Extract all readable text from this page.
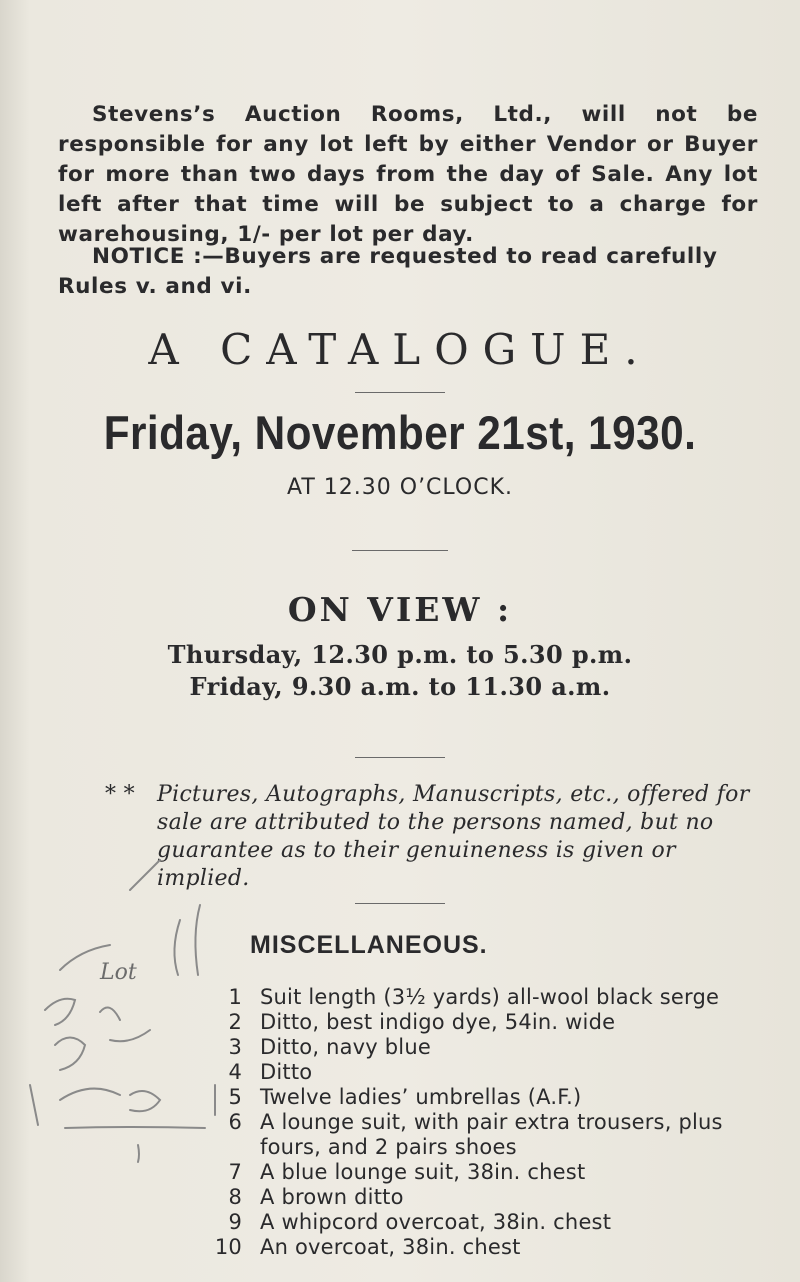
Stevens’s Auction Rooms, Ltd., will not be responsible for any lot left by either Vendor or Buyer for more than two days from the day of Sale. Any lot left after that time will be subject to a charge for warehousing, 1/- per lot per day.

NOTICE :—Buyers are requested to read carefully Rules v. and vi.
A CATALOGUE.
Friday, November 21st, 1930.
AT 12.30 O’CLOCK.
ON VIEW :
Thursday, 12.30 p.m. to 5.30 p.m.
Friday, 9.30 a.m. to 11.30 a.m.
* * Pictures, Autographs, Manuscripts, etc., offered for sale are attributed to the persons named, but no guarantee as to their genuineness is given or implied.
MISCELLANEOUS.
Lot
1 Suit length (3½ yards) all-wool black serge
2 Ditto, best indigo dye, 54in. wide
3 Ditto, navy blue
4 Ditto
5 Twelve ladies’ umbrellas (A.F.)
6 A lounge suit, with pair extra trousers, plus fours, and 2 pairs shoes
7 A blue lounge suit, 38in. chest
8 A brown ditto
9 A whipcord overcoat, 38in. chest
10 An overcoat, 38in. chest
